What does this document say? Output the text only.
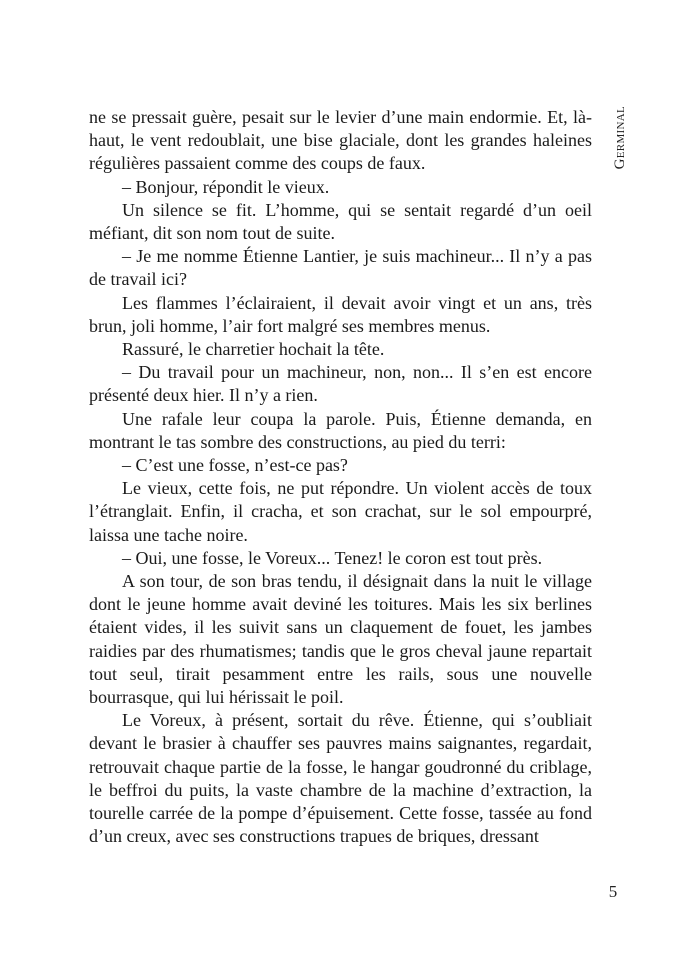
Germinal

ne se pressait guère, pesait sur le levier d’une main endormie. Et, là-haut, le vent redoublait, une bise glaciale, dont les grandes haleines régulières passaient comme des coups de faux.

– Bonjour, répondit le vieux.

Un silence se fit. L’homme, qui se sentait regardé d’un oeil méfiant, dit son nom tout de suite.

– Je me nomme Étienne Lantier, je suis machineur... Il n’y a pas de travail ici?

Les flammes l’éclairaient, il devait avoir vingt et un ans, très brun, joli homme, l’air fort malgré ses membres menus.

Rassuré, le charretier hochait la tête.

– Du travail pour un machineur, non, non... Il s’en est encore présenté deux hier. Il n’y a rien.

Une rafale leur coupa la parole. Puis, Étienne demanda, en montrant le tas sombre des constructions, au pied du terri:

– C’est une fosse, n’est-ce pas?

Le vieux, cette fois, ne put répondre. Un violent accès de toux l’étranglait. Enfin, il cracha, et son crachat, sur le sol empourpré, laissa une tache noire.

– Oui, une fosse, le Voreux... Tenez! le coron est tout près.

A son tour, de son bras tendu, il désignait dans la nuit le village dont le jeune homme avait deviné les toitures. Mais les six berlines étaient vides, il les suivit sans un claquement de fouet, les jambes raidies par des rhumatismes; tandis que le gros cheval jaune repartait tout seul, tirait pesamment entre les rails, sous une nouvelle bourrasque, qui lui hérissait le poil.

Le Voreux, à présent, sortait du rêve. Étienne, qui s’oubliait devant le brasier à chauffer ses pauvres mains saignantes, regardait, retrouvait chaque partie de la fosse, le hangar goudronné du criblage, le beffroi du puits, la vaste chambre de la machine d’extraction, la tourelle carrée de la pompe d’épuisement. Cette fosse, tassée au fond d’un creux, avec ses constructions trapues de briques, dressant

5
